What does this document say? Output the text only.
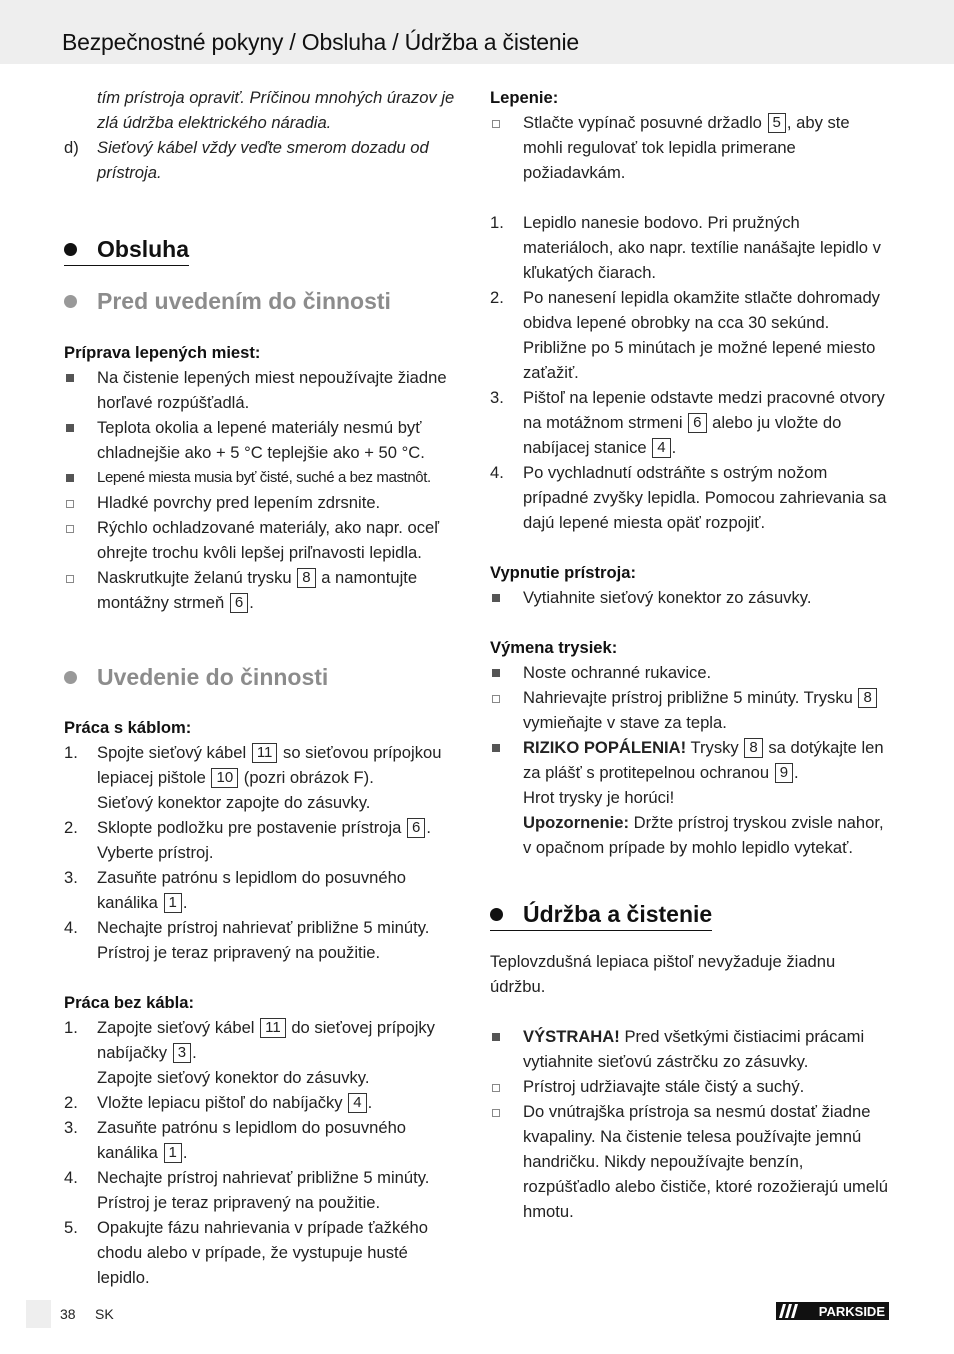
Bezpečnostné pokyny / Obsluha / Údržba a čistenie
tím prístroja opraviť. Príčinou mnohých úrazov je zlá údržba elektrického náradia.
d)	Sieťový kábel vždy veďte smerom dozadu od prístroja.
Obsluha
Pred uvedením do činnosti

Príprava lepených miest:

Na čistenie lepených miest nepoužívajte žiadne horľavé rozpúšťadlá.
Teplota okolia a lepené materiály nesmú byť chladnejšie ako + 5 °C teplejšie ako + 50 °C.
Lepené miesta musia byť čisté, suché a bez mastnôt.
Hladké povrchy pred lepením zdrsnite.
Rýchlo ochladzované materiály, ako napr. oceľ ohrejte trochu kvôli lepšej priľnavosti lepidla.
Naskrutkujte želanú trysku 8 a namontujte montážny strmeň 6 .
Uvedenie do činnosti

Práca s káblom:

1.	Spojte sieťový kábel 11 so sieťovou prípojkou lepiacej pištole 10 (pozri obrázok F).
Sieťový konektor zapojte do zásuvky.
2.	Sklopte podložku pre postavenie prístroja 6 .
Vyberte prístroj.
3.	Zasuňte patrónu s lepidlom do posuvného kanálika 1 .
4.	Nechajte prístroj nahrievať približne 5 minúty. Prístroj je teraz pripravený na použitie.

Práca bez kábla:

1.	Zapojte sieťový kábel 11 do sieťovej prípojky nabíjačky 3 .
Zapojte sieťový konektor do zásuvky.
2.	Vložte lepiacu pištoľ do nabíjačky 4 .
3.	Zasuňte patrónu s lepidlom do posuvného kanálika 1 .
4.	Nechajte prístroj nahrievať približne 5 minúty. Prístroj je teraz pripravený na použitie.
5.	Opakujte fázu nahrievania v prípade ťažkého chodu alebo v prípade, že vystupuje husté lepidlo.

Lepenie:

Stlačte vypínač posuvné držadlo 5 , aby ste mohli regulovať tok lepidla primerane požiadavkám.
1.	Lepidlo nanesie bodovo. Pri pružných materiáloch, ako napr. textílie nanášajte lepidlo v kľukatých čiarach.
2.	Po nanesení lepidla okamžite stlačte dohromady obidva lepené obrobky na cca 30 sekúnd. Približne po 5 minútach je možné lepené miesto zaťažiť.
3.	Pištoľ na lepenie odstavte medzi pracovné otvory na motážnom strmeni 6 alebo ju vložte do nabíjacej stanice 4 .
4.	Po vychladnutí odstráňte s ostrým nožom prípadné zvyšky lepidla. Pomocou zahrievania sa dajú lepené miesta opäť rozpojiť.

Vypnutie prístroja:

Vytiahnite sieťový konektor zo zásuvky.

Výmena trysiek:

Noste ochranné rukavice.
Nahrievajte prístroj približne 5 minúty. Trysku 8 vymieňajte v stave za tepla.
RIZIKO POPÁLENIA! Trysky 8 sa dotýkajte len za plášť s protitepelnou ochranou 9 .
Hrot trysky je horúci!
Upozornenie: Držte prístroj tryskou zvisle nahor, v opačnom prípade by mohlo lepidlo vytekať.
Údržba a čistenie

Teplovzdušná lepiaca pištoľ nevyžaduje žiadnu údržbu.

VÝSTRAHA! Pred všetkými čistiacimi prácami vytiahnite sieťovú zástrčku zo zásuvky.
Prístroj udržiavajte stále čistý a suchý.
Do vnútrajška prístroja sa nesmú dostať žiadne kvapaliny. Na čistenie telesa používajte jemnú handričku. Nikdy nepoužívajte benzín, rozpúšťadlo alebo čističe, ktoré rozožierajú umelú hmotu.
38 SK	PARKSIDE
